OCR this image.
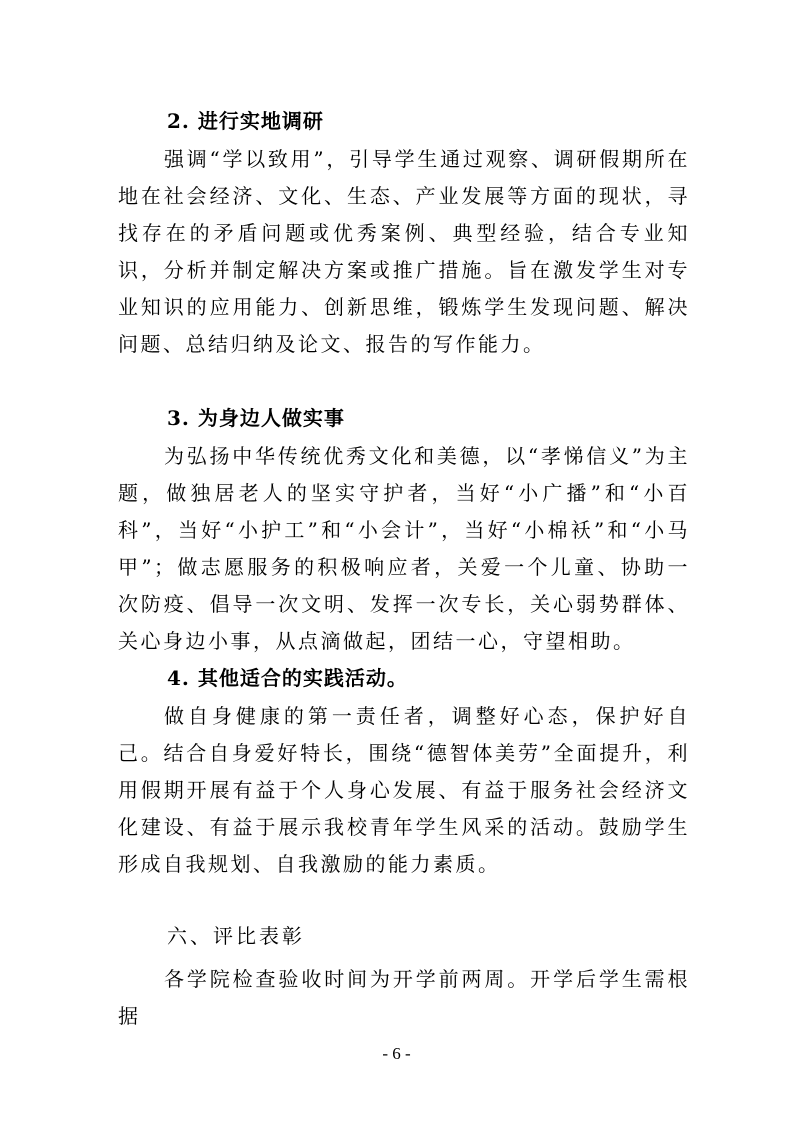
2. 进行实地调研

强调“学以致用”，引导学生通过观察、调研假期所在地在社会经济、文化、生态、产业发展等方面的现状，寻找存在的矛盾问题或优秀案例、典型经验，结合专业知识，分析并制定解决方案或推广措施。旨在激发学生对专业知识的应用能力、创新思维，锻炼学生发现问题、解决问题、总结归纳及论文、报告的写作能力。

3. 为身边人做实事

为弘扬中华传统优秀文化和美德，以“孝悌信义”为主题，做独居老人的坚实守护者，当好“小广播”和“小百科”，当好“小护工”和“小会计”，当好“小棉袄”和“小马甲”；做志愿服务的积极响应者，关爱一个儿童、协助一次防疫、倡导一次文明、发挥一次专长，关心弱势群体、关心身边小事，从点滴做起，团结一心，守望相助。

4. 其他适合的实践活动。

做自身健康的第一责任者，调整好心态，保护好自己。结合自身爱好特长，围绕“德智体美劳”全面提升，利用假期开展有益于个人身心发展、有益于服务社会经济文化建设、有益于展示我校青年学生风采的活动。鼓励学生形成自我规划、自我激励的能力素质。

六、评比表彰

各学院检查验收时间为开学前两周。开学后学生需根据

- 6 -
